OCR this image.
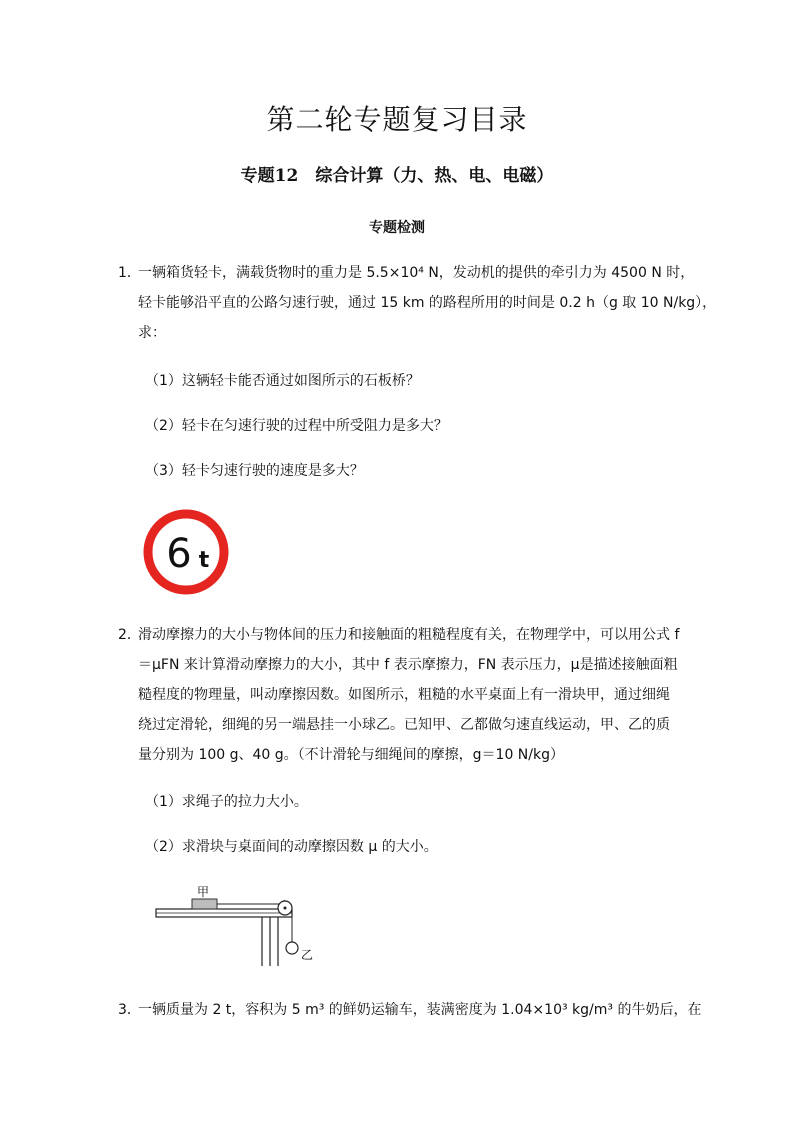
第二轮专题复习目录
专题12　综合计算（力、热、电、电磁）
专题检测
1．
一辆箱货轻卡，满载货物时的重力是 5.5×10⁴ N，发动机的提供的牵引力为 4500 N 时，
轻卡能够沿平直的公路匀速行驶，通过 15 km 的路程所用的时间是 0.2 h（g 取 10 N/kg），
求：
（1）这辆轻卡能否通过如图所示的石板桥？
（2）轻卡在匀速行驶的过程中所受阻力是多大？
（3）轻卡匀速行驶的速度是多大？
6 t
2．
滑动摩擦力的大小与物体间的压力和接触面的粗糙程度有关，在物理学中，可以用公式 f
＝μFN 来计算滑动摩擦力的大小，其中 f 表示摩擦力，FN 表示压力，μ是描述接触面粗
糙程度的物理量，叫动摩擦因数。如图所示，粗糙的水平桌面上有一滑块甲，通过细绳
绕过定滑轮，细绳的另一端悬挂一小球乙。已知甲、乙都做匀速直线运动，甲、乙的质
量分别为 100 g、40 g。（不计滑轮与细绳间的摩擦，g＝10 N/kg）
（1）求绳子的拉力大小。
（2）求滑块与桌面间的动摩擦因数 μ 的大小。
甲
乙
3．
一辆质量为 2 t，容积为 5 m³ 的鲜奶运输车，装满密度为 1.04×10³ kg/m³ 的牛奶后，在
